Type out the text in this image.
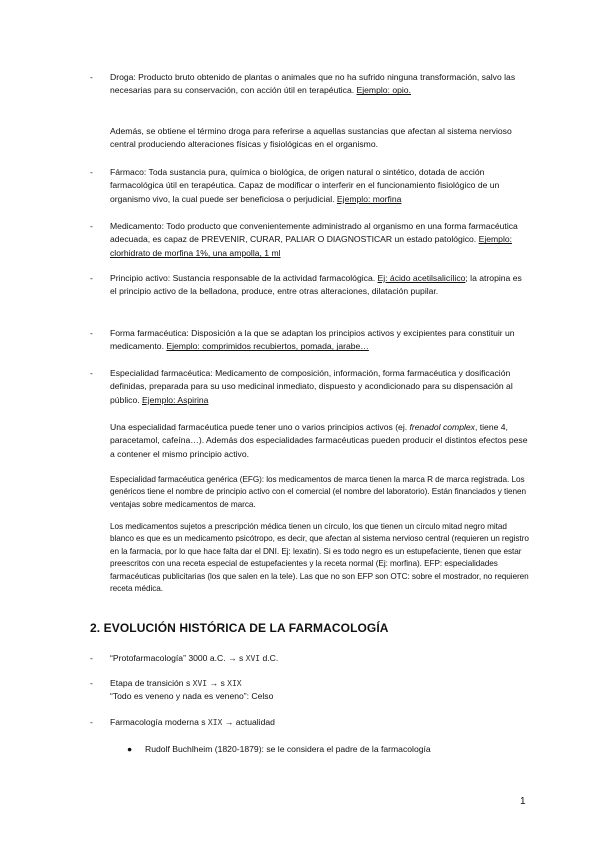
- Droga: Producto bruto obtenido de plantas o animales que no ha sufrido ninguna transformación, salvo las necesarias para su conservación, con acción útil en terapéutica. Ejemplo: opio.
Además, se obtiene el término droga para referirse a aquellas sustancias que afectan al sistema nervioso central produciendo alteraciones físicas y fisiológicas en el organismo.
- Fármaco: Toda sustancia pura, química o biológica, de origen natural o sintético, dotada de acción farmacológica útil en terapéutica. Capaz de modificar o interferir en el funcionamiento fisiológico de un organismo vivo, la cual puede ser beneficiosa o perjudicial. Ejemplo: morfina
- Medicamento: Todo producto que convenientemente administrado al organismo en una forma farmacéutica adecuada, es capaz de PREVENIR, CURAR, PALIAR O DIAGNOSTICAR un estado patológico. Ejemplo: clorhidrato de morfina 1%, una ampolla, 1 ml
- Principio activo: Sustancia responsable de la actividad farmacológica. Ej: ácido acetilsalicílico; la atropina es el principio activo de la belladona, produce, entre otras alteraciones, dilatación pupilar.
- Forma farmacéutica: Disposición a la que se adaptan los principios activos y excipientes para constituir un medicamento. Ejemplo: comprimidos recubiertos, pomada, jarabe…
- Especialidad farmacéutica: Medicamento de composición, información, forma farmacéutica y dosificación definidas, preparada para su uso medicinal inmediato, dispuesto y acondicionado para su dispensación al público. Ejemplo: Aspirina
Una especialidad farmacéutica puede tener uno o varios principios activos (ej. frenadol complex, tiene 4, paracetamol, cafeína…). Además dos especialidades farmacéuticas pueden producir el distintos efectos pese a contener el mismo principio activo.
Especialidad farmacéutica genérica (EFG): los medicamentos de marca tienen la marca R de marca registrada. Los genéricos tiene el nombre de principio activo con el comercial (el nombre del laboratorio). Están financiados y tienen ventajas sobre medicamentos de marca.
Los medicamentos sujetos a prescripción médica tienen un círculo, los que tienen un círculo mitad negro mitad blanco es que es un medicamento psicótropo, es decir, que afectan al sistema nervioso central (requieren un registro en la farmacia, por lo que hace falta dar el DNI. Ej: lexatin). Si es todo negro es un estupefaciente, tienen que estar preescritos con una receta especial de estupefacientes y la receta normal (Ej: morfina). EFP: especialidades farmacéuticas publicitarias (los que salen en la tele). Las que no son EFP son OTC: sobre el mostrador, no requieren receta médica.
2. EVOLUCIÓN HISTÓRICA DE LA FARMACOLOGÍA
- “Protofarmacología” 3000 a.C. → s XVI d.C.
- Etapa de transición s XVI → s XIX
“Todo es veneno y nada es veneno”: Celso
- Farmacología moderna s XIX → actualidad
● Rudolf Buchlheim (1820-1879): se le considera el padre de la farmacología
1
